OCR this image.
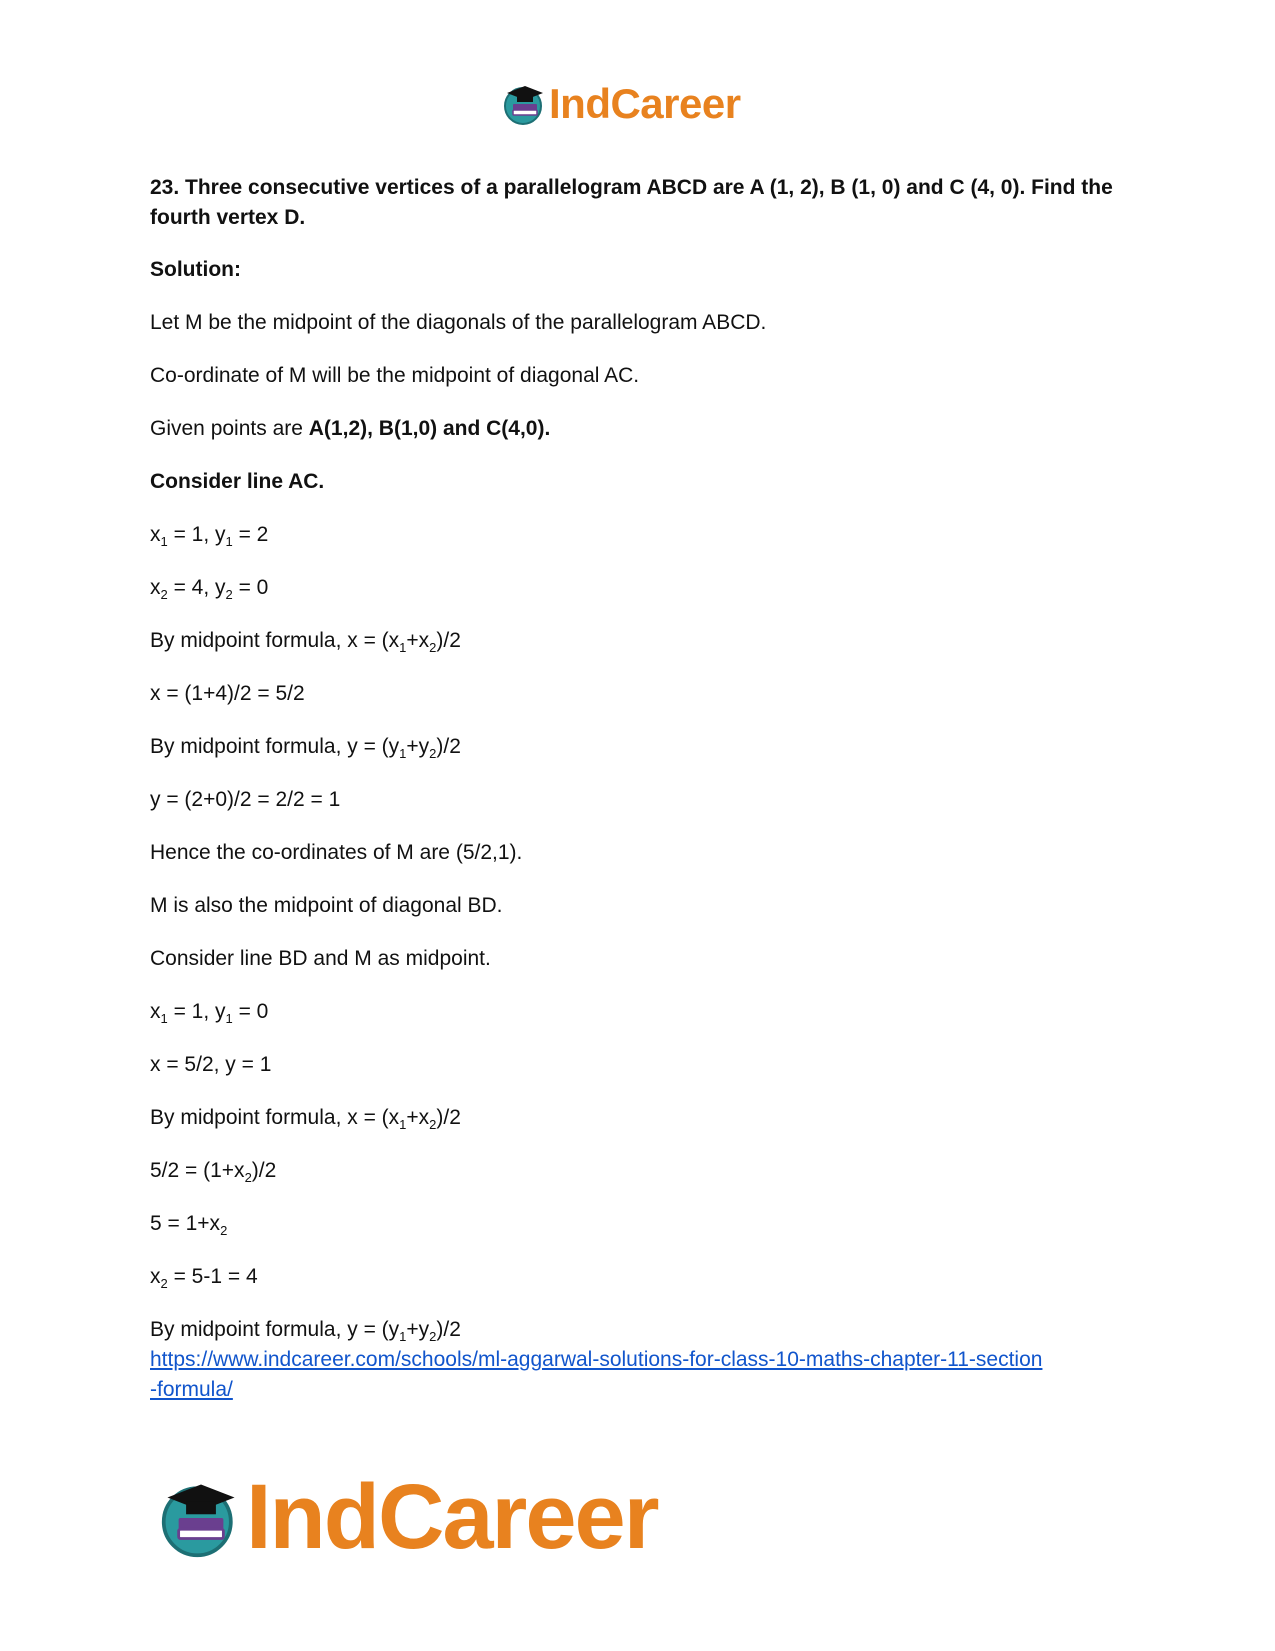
IndCareer

23. Three consecutive vertices of a parallelogram ABCD are A (1, 2), B (1, 0) and C (4, 0). Find the fourth vertex D.

Solution:

Let M be the midpoint of the diagonals of the parallelogram ABCD.

Co-ordinate of M will be the midpoint of diagonal AC.

Given points are A(1,2), B(1,0) and C(4,0).

Consider line AC.

$x_1 = 1$, $y_1 = 2$

$x_2 = 4$, $y_2 = 0$

By midpoint formula, $x = (x_1+x_2)/2$

x = (1+4)/2 = 5/2

By midpoint formula, $y = (y_1+y_2)/2$

y = (2+0)/2 = 2/2 = 1

Hence the co-ordinates of M are (5/2,1).

M is also the midpoint of diagonal BD.

Consider line BD and M as midpoint.

$x_1 = 1$, $y_1 = 0$

x = 5/2, y = 1

By midpoint formula, $x = (x_1+x_2)/2$

$5/2 = (1+x_2)/2$

$5 = 1+x_2$

$x_2 = 5-1 = 4$

By midpoint formula, $y = (y_1+y_2)/2$

https://www.indcareer.com/schools/ml-aggarwal-solutions-for-class-10-maths-chapter-11-section
-formula/
IndCareer
